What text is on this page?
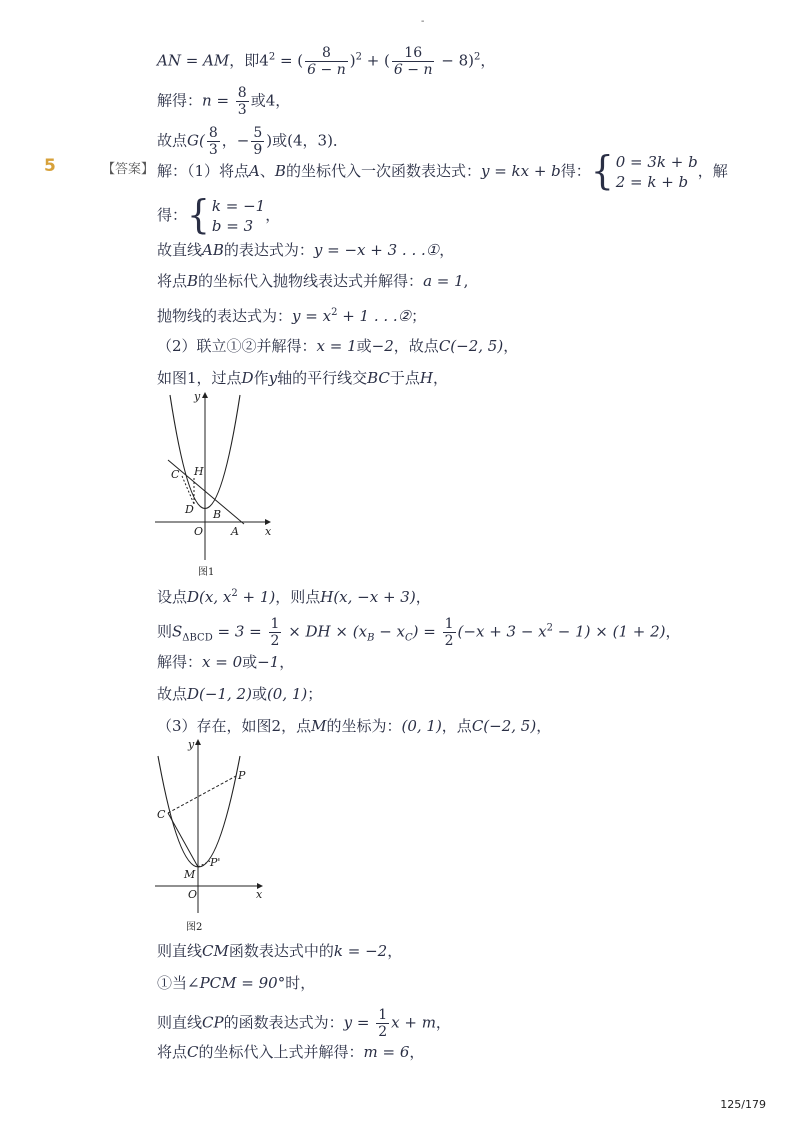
-
AN = AM，即$4^2$ = ( $\frac{8}{6 - n} )^2$ + ( $\frac{16}{6 - n} - 8)^2$，
解得：$n = \frac{8}{3}$ 或4，
故点$G( \frac{8}{3}$ ，− $\frac{5}{9}$ )或(4，3)．
5	【答案】 解：（1）将点A、B的坐标代入一次函数表达式：y = kx + b得：{ 0 = 3k + b
2 = k + b
，解
得：{ k = −1
b = 3
，
故直线AB的表达式为：y = −x + 3 . . .①，
将点B的坐标代入抛物线表达式并解得：a = 1,
抛物线的表达式为：$y = x^2 + 1$ . . .②；
（2）联立①②并解得：x = 1或−2，故点C(−2, 5)，
如图1，过点D作y轴的平行线交BC于点H，
y
x
O	A
B
C
D
H
图1
设点D(x, $x^2 + 1$)，则点H(x, −x + 3)，
则$S_{\Delta BCD} = 3 = \frac{1}{2}$ × DH × $(x_B - x_C) = \frac{1}{2} (-x + 3 - x^2 - 1) \times (1 + 2)$，
解得：x = 0或−1，
故点D(−1, 2)或(0, 1)；
（3）存在，如图2，点M的坐标为：(0, 1)，点C(−2, 5)，
y
x
O
C
P
P'
M
图2
则直线CM函数表达式中的k = −2，
①当∠PCM = 90°时，
则直线CP的函数表达式为：$y = \frac{1}{2}$ x + m，
将点C的坐标代入上式并解得：m = 6，
125/179
